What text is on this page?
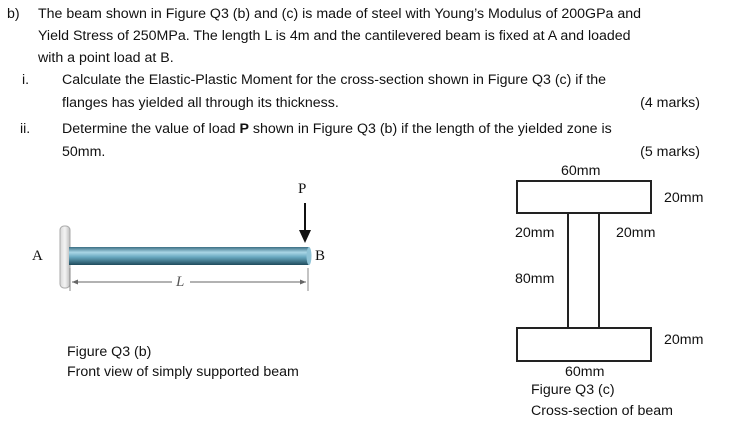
b) The beam shown in Figure Q3 (b) and (c) is made of steel with Young’s Modulus of 200GPa and
Yield Stress of 250MPa. The length L is 4m and the cantilevered beam is fixed at A and loaded
with a point load at B.
i. Calculate the Elastic-Plastic Moment for the cross-section shown in Figure Q3 (c) if the
flanges has yielded all through its thickness.	(4 marks)
ii. Determine the value of load P shown in Figure Q3 (b) if the length of the yielded zone is
50mm.	(5 marks)
A
P
B
L
Figure Q3 (b)
Front view of simply supported beam
60mm
20mm
20mm	20mm
80mm
20mm
60mm
Figure Q3 (c)
Cross-section of beam
